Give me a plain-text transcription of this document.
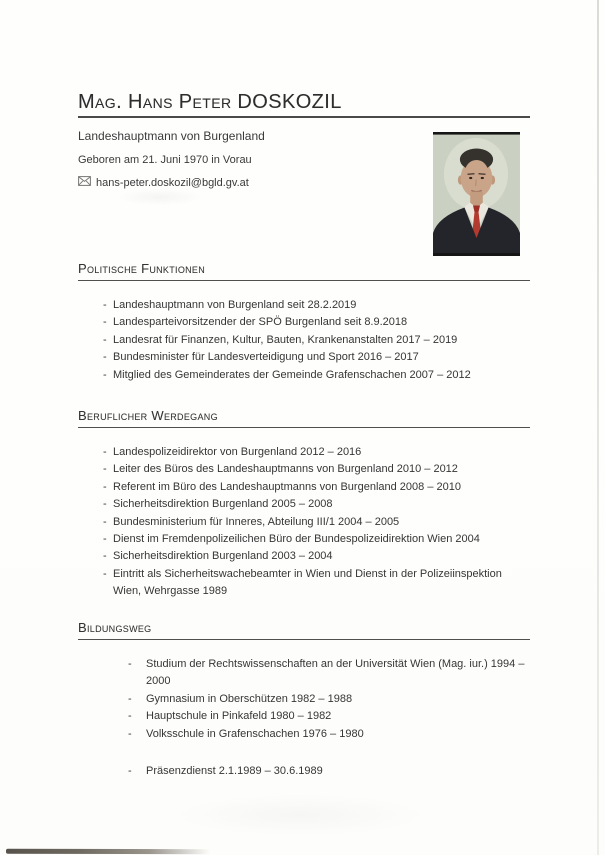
Mag. Hans Peter DOSKOZIL
Landeshauptmann von Burgenland
Geboren am 21. Juni 1970 in Vorau
hans-peter.doskozil@bgld.gv.at
Politische Funktionen
- Landeshauptmann von Burgenland seit 28.2.2019
- Landesparteivorsitzender der SPÖ Burgenland seit 8.9.2018
- Landesrat für Finanzen, Kultur, Bauten, Krankenanstalten 2017 – 2019
- Bundesminister für Landesverteidigung und Sport 2016 – 2017
- Mitglied des Gemeinderates der Gemeinde Grafenschachen 2007 – 2012
Beruflicher Werdegang
- Landespolizeidirektor von Burgenland 2012 – 2016
- Leiter des Büros des Landeshauptmanns von Burgenland 2010 – 2012
- Referent im Büro des Landeshauptmanns von Burgenland 2008 – 2010
- Sicherheitsdirektion Burgenland 2005 – 2008
- Bundesministerium für Inneres, Abteilung III/1 2004 – 2005
- Dienst im Fremdenpolizeilichen Büro der Bundespolizeidirektion Wien 2004
- Sicherheitsdirektion Burgenland 2003 – 2004
- Eintritt als Sicherheitswachebeamter in Wien und Dienst in der Polizeiinspektion Wien, Wehrgasse 1989
Bildungsweg
-	Studium der Rechtswissenschaften an der Universität Wien (Mag. iur.) 1994 – 2000
-	Gymnasium in Oberschützen 1982 – 1988
-	Hauptschule in Pinkafeld 1980 – 1982
-	Volksschule in Grafenschachen 1976 – 1980
-	Präsenzdienst 2.1.1989 – 30.6.1989
